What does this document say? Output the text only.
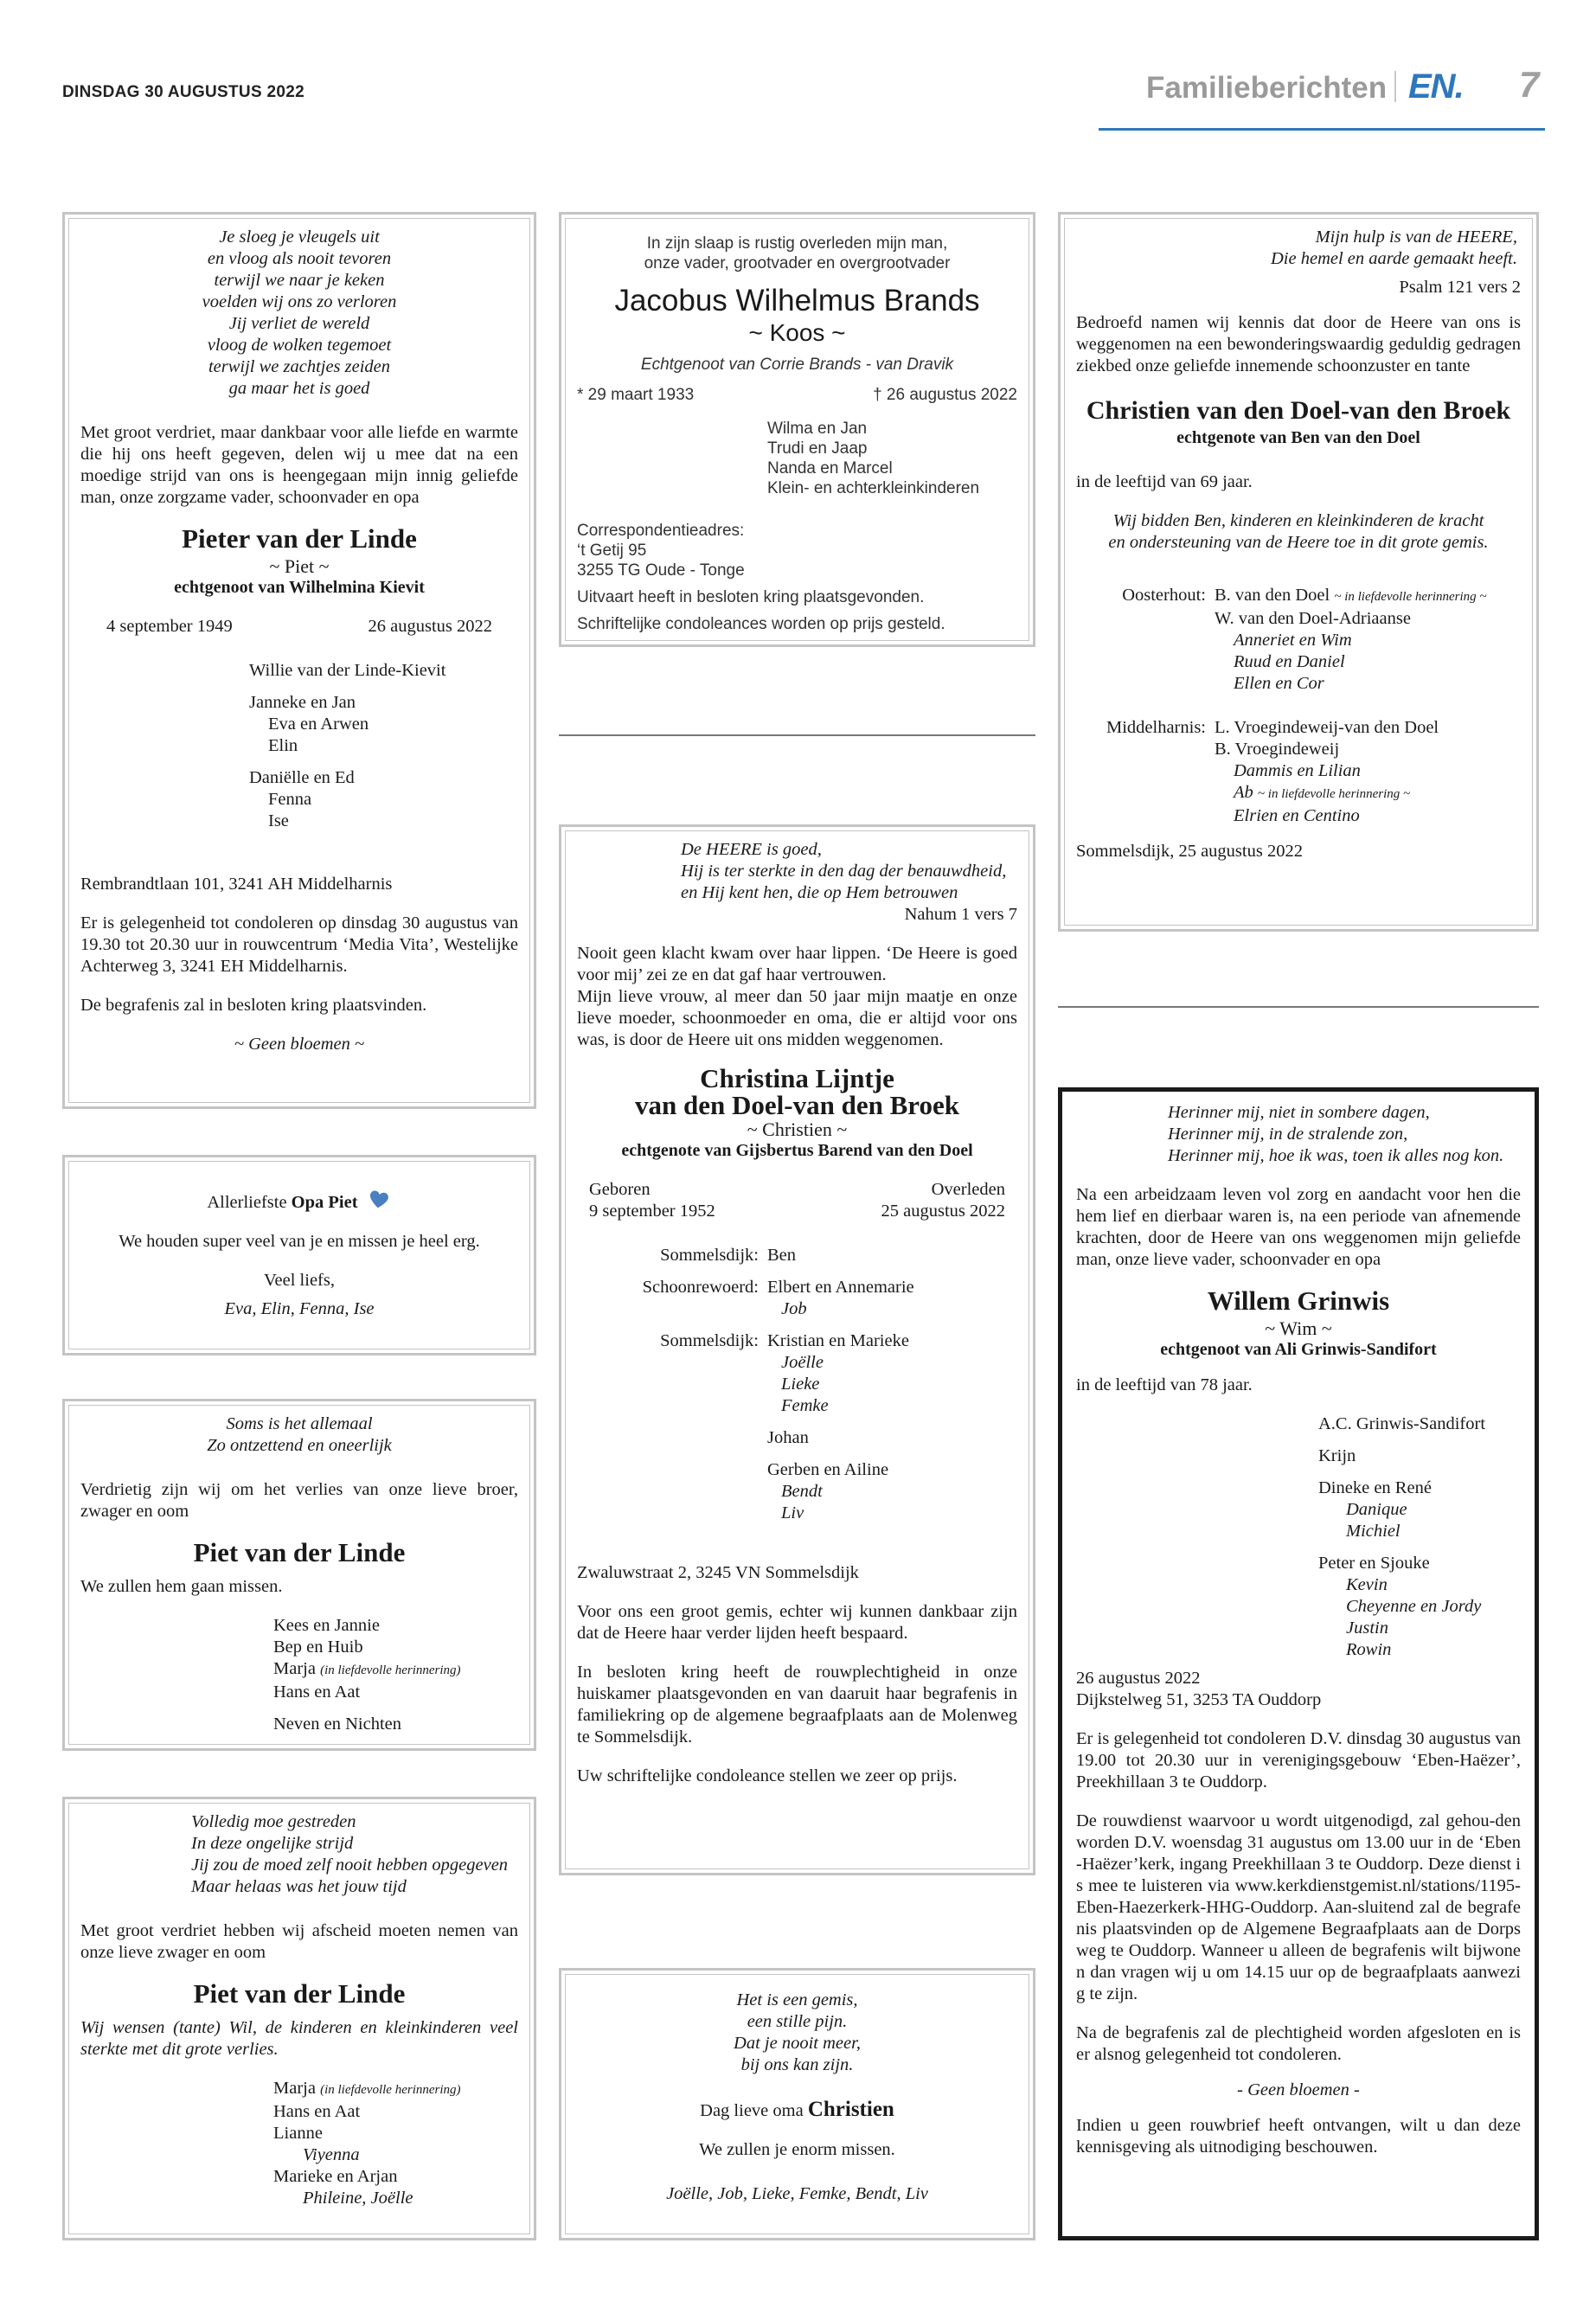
DINSDAG 30 AUGUSTUS 2022	Familieberichten EN. 7
Je sloeg je vleugels uit
en vloog als nooit tevoren
terwijl we naar je keken
voelden wij ons zo verloren
Jij verliet de wereld
vloog de wolken tegemoet
terwijl we zachtjes zeiden
ga maar het is goed
Met groot verdriet, maar dankbaar voor alle liefde en warmte die hij ons heeft gegeven, delen wij u mee dat na een moedige strijd van ons is heengegaan mijn innig geliefde man, onze zorgzame vader, schoonvader en opa
Pieter van der Linde
~ Piet ~
echtgenoot van Wilhelmina Kievit
4 september 1949	26 augustus 2022
Willie van der Linde-Kievit
Janneke en Jan
Eva en Arwen
Elin
Daniëlle en Ed
Fenna
Ise
Rembrandtlaan 101, 3241 AH Middelharnis
Er is gelegenheid tot condoleren op dinsdag 30 augustus van 19.30 tot 20.30 uur in rouwcentrum ‘Media Vita’, Westelijke Achterweg 3, 3241 EH Middelharnis.
De begrafenis zal in besloten kring plaatsvinden.
~ Geen bloemen ~
Allerliefste Opa Piet
We houden super veel van je en missen je heel erg.
Veel liefs,
Eva, Elin, Fenna, Ise
Soms is het allemaal
Zo ontzettend en oneerlijk
Verdrietig zijn wij om het verlies van onze lieve broer, zwager en oom
Piet van der Linde
We zullen hem gaan missen.
Kees en Jannie
Bep en Huib
Marja (in liefdevolle herinnering)
Hans en Aat
Neven en Nichten
Volledig moe gestreden
In deze ongelijke strijd
Jij zou de moed zelf nooit hebben opgegeven
Maar helaas was het jouw tijd
Met groot verdriet hebben wij afscheid moeten nemen van onze lieve zwager en oom
Piet van der Linde
Wij wensen (tante) Wil, de kinderen en kleinkinderen veel sterkte met dit grote verlies.
Marja (in liefdevolle herinnering)
Hans en Aat
Lianne
Viyenna
Marieke en Arjan
Phileine, Joëlle
In zijn slaap is rustig overleden mijn man,
onze vader, grootvader en overgrootvader
Jacobus Wilhelmus Brands
~ Koos ~
Echtgenoot van Corrie Brands - van Dravik
* 29 maart 1933	† 26 augustus 2022
Wilma en Jan
Trudi en Jaap
Nanda en Marcel
Klein- en achterkleinkinderen
Correspondentieadres:
‘t Getij 95
3255 TG Oude - Tonge
Uitvaart heeft in besloten kring plaatsgevonden.
Schriftelijke condoleances worden op prijs gesteld.
De HEERE is goed,
Hij is ter sterkte in den dag der benauwdheid,
en Hij kent hen, die op Hem betrouwen
Nahum 1 vers 7
Nooit geen klacht kwam over haar lippen. ‘De Heere is goed voor mij’ zei ze en dat gaf haar vertrouwen.
Mijn lieve vrouw, al meer dan 50 jaar mijn maatje en onze lieve moeder, schoonmoeder en oma, die er altijd voor ons was, is door de Heere uit ons midden weggenomen.
Christina Lijntje
van den Doel-van den Broek
~ Christien ~
echtgenote van Gijsbertus Barend van den Doel
Geboren
9 september 1952
Overleden
25 augustus 2022
Sommelsdijk: Ben
Schoonrewoerd: Elbert en Annemarie
Job
Sommelsdijk: Kristian en Marieke
Joëlle
Lieke
Femke
Johan
Gerben en Ailine
Bendt
Liv
Zwaluwstraat 2, 3245 VN Sommelsdijk
Voor ons een groot gemis, echter wij kunnen dankbaar zijn dat de Heere haar verder lijden heeft bespaard.
In besloten kring heeft de rouwplechtigheid in onze huiskamer plaatsgevonden en van daaruit haar begrafenis in familiekring op de algemene begraafplaats aan de Molenweg te Sommelsdijk.
Uw schriftelijke condoleance stellen we zeer op prijs.
Het is een gemis,
een stille pijn.
Dat je nooit meer,
bij ons kan zijn.
Dag lieve oma Christien
We zullen je enorm missen.
Joëlle, Job, Lieke, Femke, Bendt, Liv
Mijn hulp is van de HEERE,
Die hemel en aarde gemaakt heeft.
Psalm 121 vers 2
Bedroefd namen wij kennis dat door de Heere van ons is weggenomen na een bewonderingswaardig geduldig gedragen ziekbed onze geliefde innemende schoonzuster en tante
Christien van den Doel-van den Broek
echtgenote van Ben van den Doel
in de leeftijd van 69 jaar.
Wij bidden Ben, kinderen en kleinkinderen de kracht
en ondersteuning van de Heere toe in dit grote gemis.
Oosterhout: B. van den Doel ~ in liefdevolle herinnering ~
W. van den Doel-Adriaanse
Anneriet en Wim
Ruud en Daniel
Ellen en Cor
Middelharnis: L. Vroegindeweij-van den Doel
B. Vroegindeweij
Dammis en Lilian
Ab ~ in liefdevolle herinnering ~
Elrien en Centino
Sommelsdijk, 25 augustus 2022
Herinner mij, niet in sombere dagen,
Herinner mij, in de stralende zon,
Herinner mij, hoe ik was, toen ik alles nog kon.
Na een arbeidzaam leven vol zorg en aandacht voor hen die hem lief en dierbaar waren is, na een periode van afnemende krachten, door de Heere van ons weggenomen mijn geliefde man, onze lieve vader, schoonvader en opa
Willem Grinwis
~ Wim ~
echtgenoot van Ali Grinwis-Sandifort
in de leeftijd van 78 jaar.
A.C. Grinwis-Sandifort
Krijn
Dineke en René
Danique
Michiel
Peter en Sjouke
Kevin
Cheyenne en Jordy
Justin
Rowin
26 augustus 2022
Dijkstelweg 51, 3253 TA Ouddorp
Er is gelegenheid tot condoleren D.V. dinsdag 30 augustus van 19.00 tot 20.30 uur in verenigingsgebouw ‘Eben-Haëzer’, Preekhillaan 3 te Ouddorp.
De rouwdienst waarvoor u wordt uitgenodigd, zal gehou-den worden D.V. woensdag 31 augustus om 13.00 uur in de ‘Eben-Haëzer’kerk, ingang Preekhillaan 3 te Ouddorp. Deze dienst is mee te luisteren via www.kerkdienstgemist.nl/stations/1195-Eben-Haezerkerk-HHG-Ouddorp. Aan-sluitend zal de begrafenis plaatsvinden op de Algemene Begraafplaats aan de Dorpsweg te Ouddorp. Wanneer u alleen de begrafenis wilt bijwonen dan vragen wij u om 14.15 uur op de begraafplaats aanwezig te zijn.
Na de begrafenis zal de plechtigheid worden afgesloten en is er alsnog gelegenheid tot condoleren.
- Geen bloemen -
Indien u geen rouwbrief heeft ontvangen, wilt u dan deze kennisgeving als uitnodiging beschouwen.
